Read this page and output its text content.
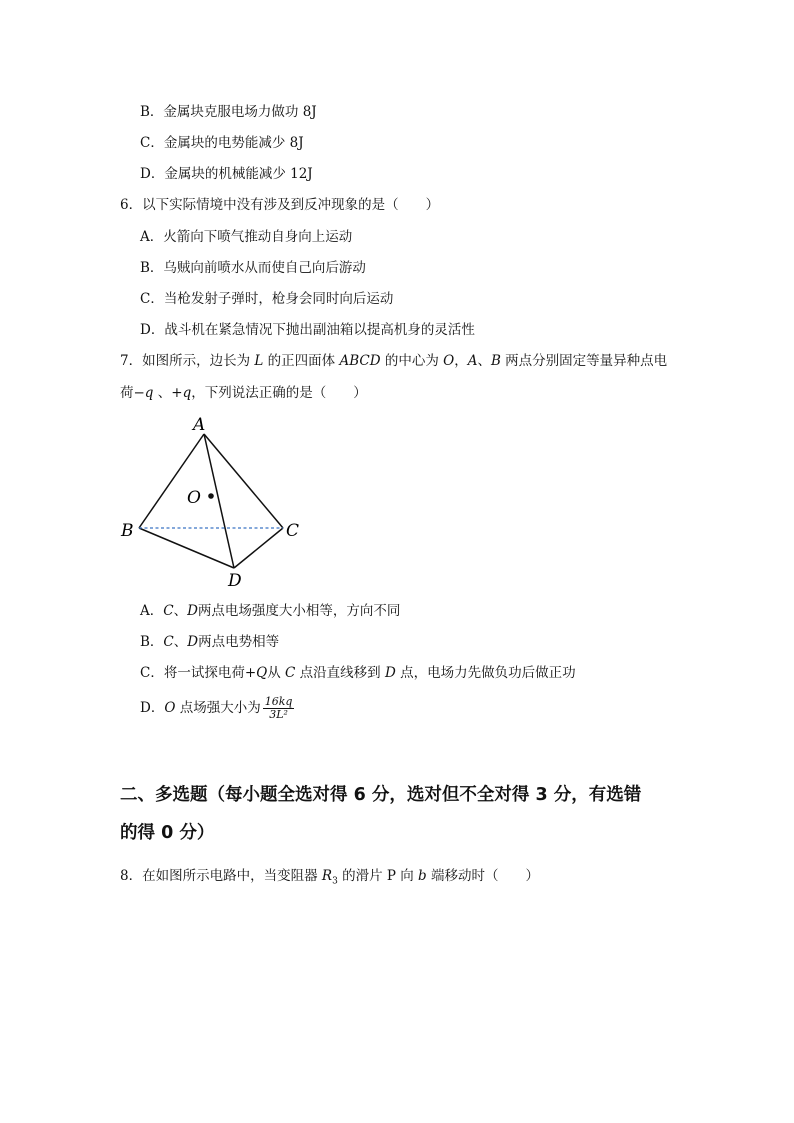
B．金属块克服电场力做功 8J
C．金属块的电势能减少 8J
D．金属块的机械能减少 12J
6．以下实际情境中没有涉及到反冲现象的是（　　）
A．火箭向下喷气推动自身向上运动
B．乌贼向前喷水从而使自己向后游动
C．当枪发射子弹时，枪身会同时向后运动
D．战斗机在紧急情况下抛出副油箱以提高机身的灵活性
7．如图所示，边长为 L 的正四面体 ABCD 的中心为 O，A、B 两点分别固定等量异种点电
荷−q 、+q，下列说法正确的是（　　）
A
B	C
D
O
A．C、D两点电场强度大小相等，方向不同
B．C、D两点电势相等
C．将一试探电荷+Q从 C 点沿直线移到 D 点，电场力先做负功后做正功
D．O 点场强大小为 $\frac{16kq}{\text{3L²}}$
二、多选题（每小题全选对得 6 分，选对但不全对得 3 分，有选错
的得 0 分）
8．在如图所示电路中，当变阻器 $R_3$ 的滑片 P 向 b 端移动时（　　）
